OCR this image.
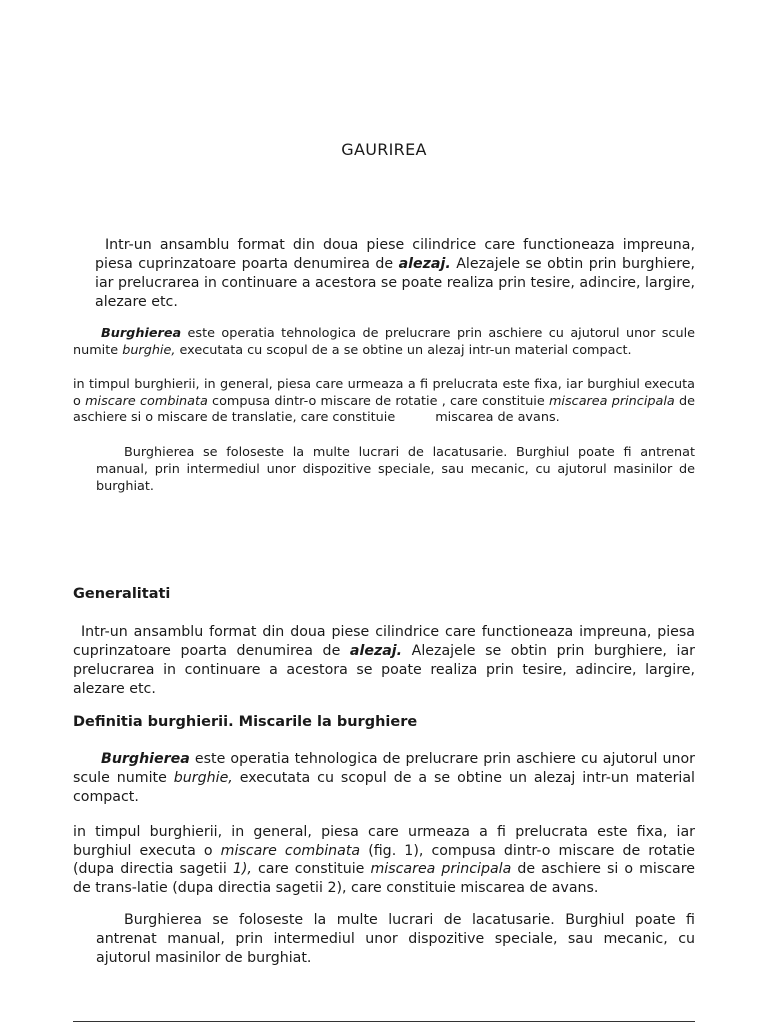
GAURIREA

Intr-un ansamblu format din doua piese cilindrice care functioneaza impreuna, piesa cuprinzatoare poarta denumirea de alezaj. Alezajele se obtin prin burghiere, iar prelucrarea in continuare a acestora se poate realiza prin tesire, adincire, largire, alezare etc.

Burghierea este operatia tehnologica de prelucrare prin aschiere cu ajutorul unor scule numite burghie, executata cu scopul de a se obtine un alezaj intr-un material compact.

in timpul burghierii, in general, piesa care urmeaza a fi prelucrata este fixa, iar burghiul executa o miscare combinata compusa dintr-o miscare de rotatie , care constituie miscarea principala de aschiere si o miscare de translatie, care constituie	miscarea de avans.

Burghierea se foloseste la multe lucrari de lacatusarie. Burghiul poate fi antrenat manual, prin intermediul unor dispozitive speciale, sau mecanic, cu ajutorul masinilor de burghiat.

Generalitati

Intr-un ansamblu format din doua piese cilindrice care functioneaza impreuna, piesa cuprinzatoare poarta denumirea de alezaj. Alezajele se obtin prin burghiere, iar prelucrarea in continuare a acestora se poate realiza prin tesire, adincire, largire, alezare etc.

Definitia burghierii. Miscarile la burghiere

Burghierea este operatia tehnologica de prelucrare prin aschiere cu ajutorul unor scule numite burghie, executata cu scopul de a se obtine un alezaj intr-un material compact.

in timpul burghierii, in general, piesa care urmeaza a fi prelucrata este fixa, iar burghiul executa o miscare combinata (fig. 1), compusa dintr-o miscare de rotatie (dupa directia sagetii 1), care constituie miscarea principala de aschiere si o miscare de trans-latie (dupa directia sagetii 2), care constituie miscarea de avans.

Burghierea se foloseste la multe lucrari de lacatusarie. Burghiul poate fi antrenat manual, prin intermediul unor dispozitive speciale, sau mecanic, cu ajutorul masinilor de burghiat.
